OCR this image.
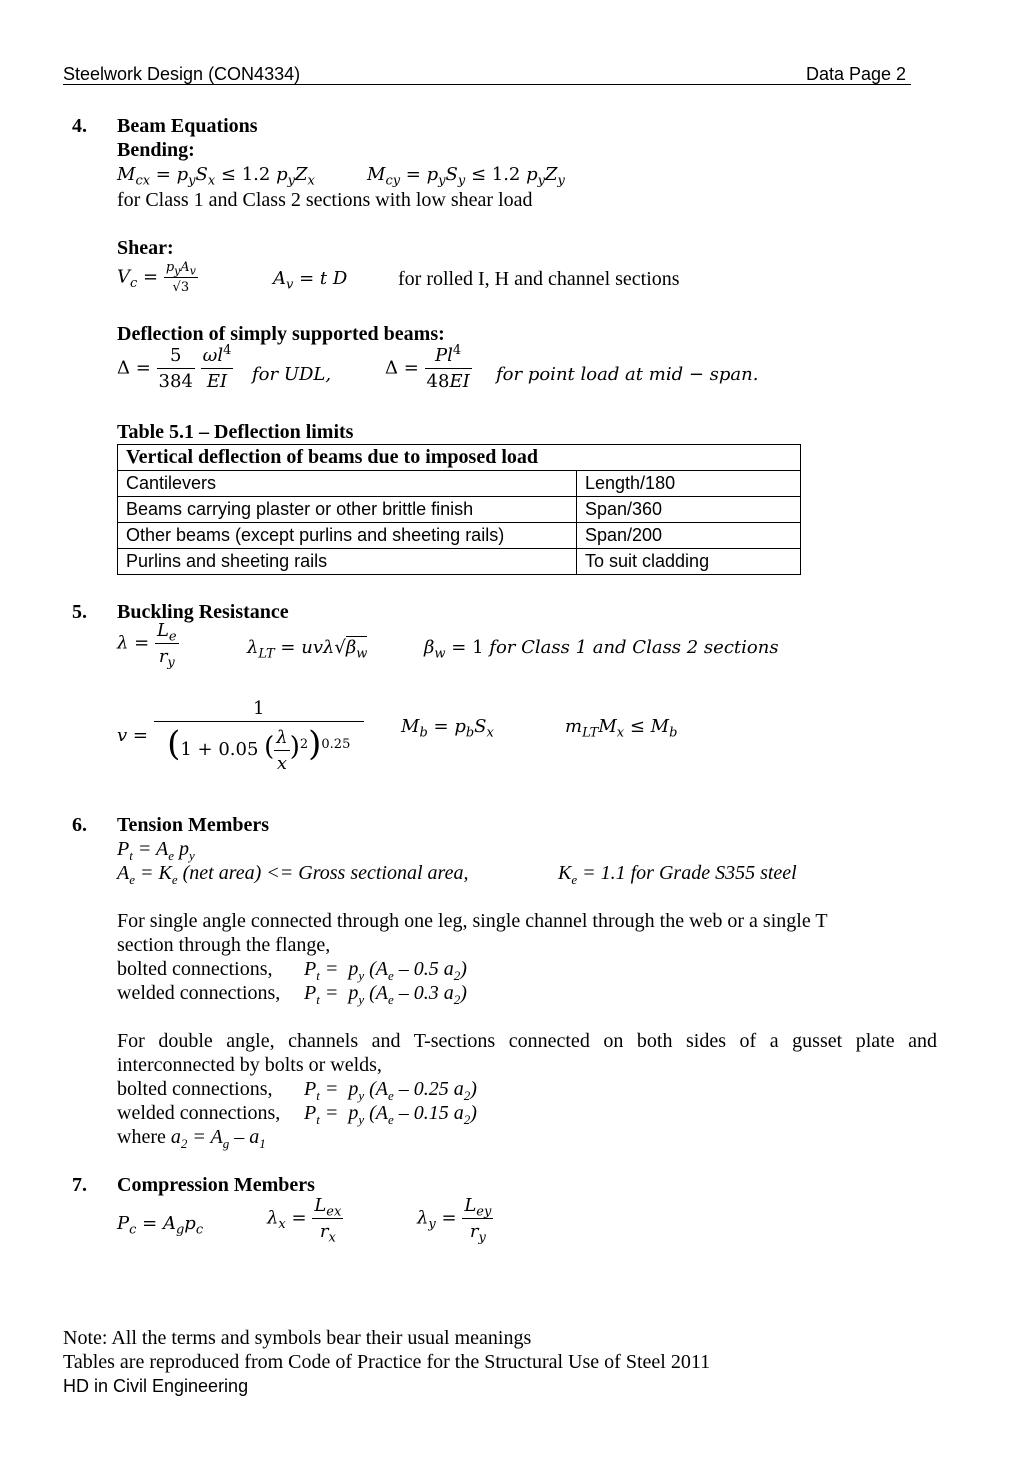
Steelwork Design (CON4334)	Data Page 2
4. Beam Equations
Bending:
$M_{cx} = p_yS_x \le 1.2$ $p_yZ_x$	$M_{cy} = p_yS_y \le 1.2$ $p_yZ_y$
for Class 1 and Class 2 sections with low shear load
Shear:
$V_c = \frac{p_yA_v}{√3}$	$A_v = t$ D	for rolled I, H and channel sections
Deflection of simply supported beams:
$\Delta = \frac{5}{384}$
$\frac{\omega l^4}{EI}$ for UDL,	$\Delta = \frac{Pl^4}{48EI}$ for point load at mid − span.
Table 5.1 – Deflection limits
Vertical deflection of beams due to imposed load	
Cantilevers	Length/180
Beams carrying plaster or other brittle finish	Span/360
Other beams (except purlins and sheeting rails)	Span/200
Purlins and sheeting rails	To suit cladding
5. Buckling Resistance
$\lambda = \frac{L_e}{r_y}$	$\lambda_{LT} = uv\lambda√\beta_w$	$\beta_w = 1$ for Class 1 and Class 2 sections
$v = \frac{1}{(1 + 0.05 ( \frac{\lambda}{x} )^2)^{0.25}} M_b = p_bS_x$	$m_{LT}M_x \le M_b$
6. Tension Members
$P_t = A_e$ $p_y$
$A_e = K_e$ (net area) <= Gross sectional area,	$K_e = 1.1$ for Grade S355 steel
For single angle connected through one leg, single channel through the web or a single T
section through the flange,
bolted connections, $P_t = p_y$ ($A_e - 0.5$ $a_2$)
welded connections, $P_t = p_y$ ($A_e - 0.3$ $a_2$)
For double angle, channels and T-sections connected on both sides of a gusset plate and
interconnected by bolts or welds,
bolted connections, $P_t = p_y$ ($A_e - 0.25$ $a_2$)
welded connections, $P_t = p_y$ ($A_e - 0.15$ $a_2$)
where $a_2 = A_g - a_1$
7. Compression Members
$P_c = A_gp_c$
$\lambda_x = \frac{L_{ex}}{r_x}$	$\lambda_y = \frac{L_{ey}}{r_y}$
Note: All the terms and symbols bear their usual meanings
Tables are reproduced from Code of Practice for the Structural Use of Steel 2011
HD in Civil Engineering
